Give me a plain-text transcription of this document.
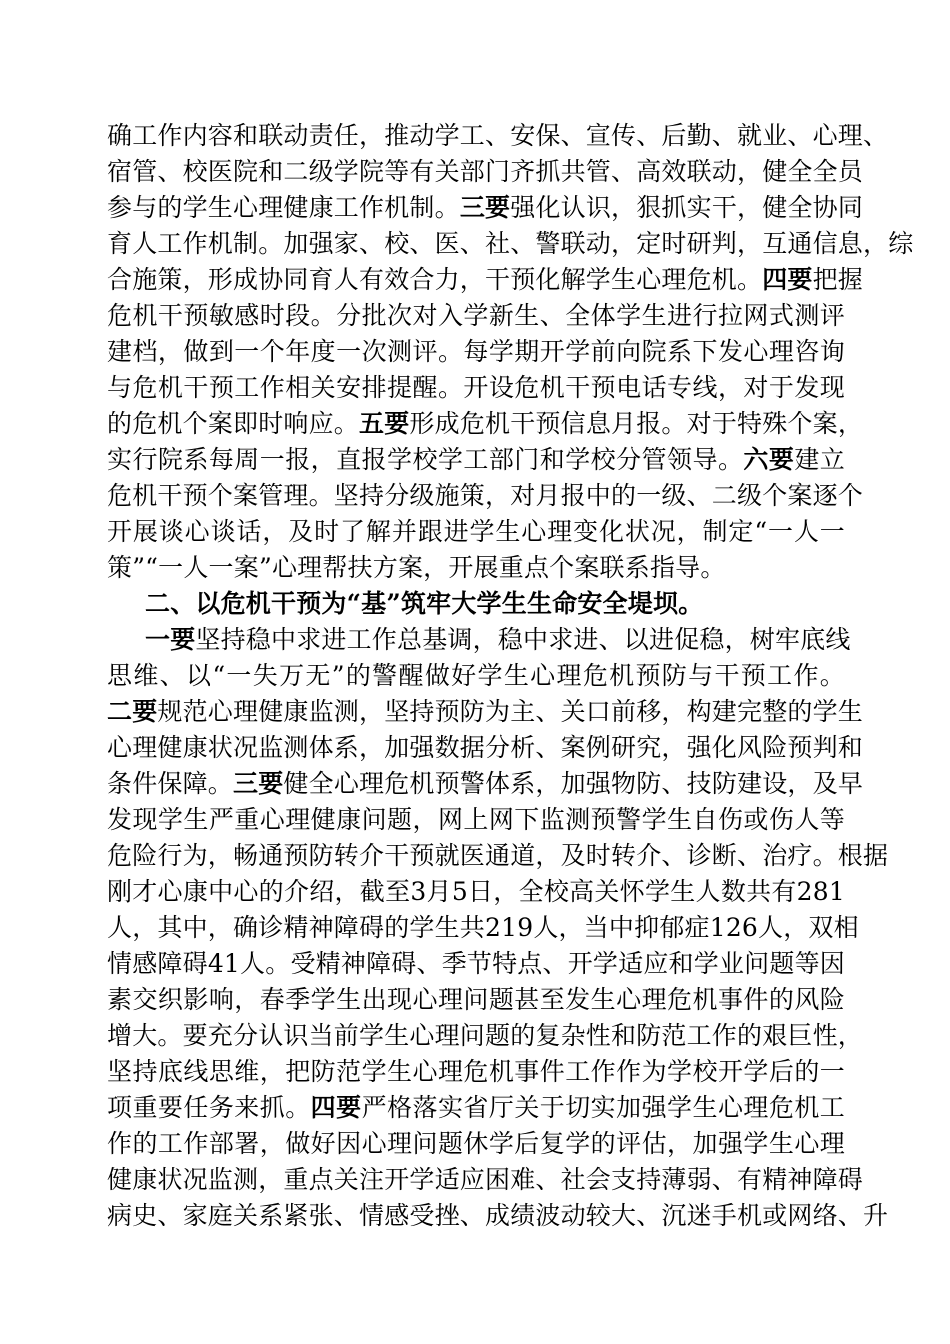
确工作内容和联动责任，推动学工、安保、宣传、后勤、就业、心理、
宿管、校医院和二级学院等有关部门齐抓共管、高效联动，健全全员
参与的学生心理健康工作机制。三要强化认识，狠抓实干，健全协同
育人工作机制。加强家、校、医、社、警联动，定时研判，互通信息，综
合施策，形成协同育人有效合力，干预化解学生心理危机。四要把握
危机干预敏感时段。分批次对入学新生、全体学生进行拉网式测评
建档，做到一个年度一次测评。每学期开学前向院系下发心理咨询
与危机干预工作相关安排提醒。开设危机干预电话专线，对于发现
的危机个案即时响应。五要形成危机干预信息月报。对于特殊个案，
实行院系每周一报，直报学校学工部门和学校分管领导。六要建立
危机干预个案管理。坚持分级施策，对月报中的一级、二级个案逐个
开展谈心谈话，及时了解并跟进学生心理变化状况，制定“一人一
策”“一人一案”心理帮扶方案，开展重点个案联系指导。
二、以危机干预为“基”筑牢大学生生命安全堤坝。
一要坚持稳中求进工作总基调，稳中求进、以进促稳，树牢底线
思维、以“一失万无”的警醒做好学生心理危机预防与干预工作。
二要规范心理健康监测，坚持预防为主、关口前移，构建完整的学生
心理健康状况监测体系，加强数据分析、案例研究，强化风险预判和
条件保障。三要健全心理危机预警体系，加强物防、技防建设，及早
发现学生严重心理健康问题，网上网下监测预警学生自伤或伤人等
危险行为，畅通预防转介干预就医通道，及时转介、诊断、治疗。根据
刚才心康中心的介绍，截至3月5日，全校高关怀学生人数共有281
人，其中，确诊精神障碍的学生共219人，当中抑郁症126人，双相
情感障碍41人。受精神障碍、季节特点、开学适应和学业问题等因
素交织影响，春季学生出现心理问题甚至发生心理危机事件的风险
增大。要充分认识当前学生心理问题的复杂性和防范工作的艰巨性，
坚持底线思维，把防范学生心理危机事件工作作为学校开学后的一
项重要任务来抓。四要严格落实省厅关于切实加强学生心理危机工
作的工作部署，做好因心理问题休学后复学的评估，加强学生心理
健康状况监测，重点关注开学适应困难、社会支持薄弱、有精神障碍
病史、家庭关系紧张、情感受挫、成绩波动较大、沉迷手机或网络、升
